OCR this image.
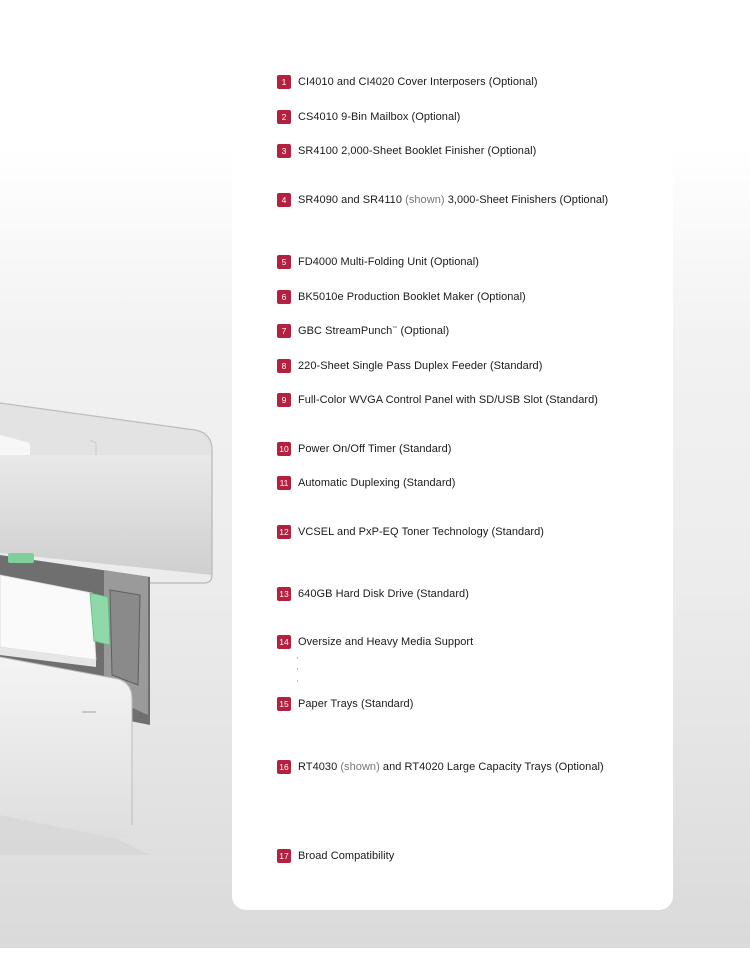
1	CI4010 and CI4020 Cover Interposers (Optional)
2	CS4010 9-Bin Mailbox (Optional)
3	SR4100 2,000-Sheet Booklet Finisher (Optional)
4	SR4090 and SR4110 (shown) 3,000-Sheet Finishers (Optional)
5	FD4000 Multi-Folding Unit (Optional)
6	BK5010e Production Booklet Maker (Optional)
7	GBC StreamPunch™ (Optional)
8	220-Sheet Single Pass Duplex Feeder (Standard)
9	Full-Color WVGA Control Panel with SD/USB Slot (Standard)
10 Power On/Off Timer (Standard)
11 Automatic Duplexing (Standard)
12 VCSEL and PxP-EQ Toner Technology (Standard)
13 640GB Hard Disk Drive (Standard)
14 Oversize and Heavy Media Support
15 Paper Trays (Standard)
16 RT4030 (shown) and RT4020 Large Capacity Trays (Optional)
17 Broad Compatibility
